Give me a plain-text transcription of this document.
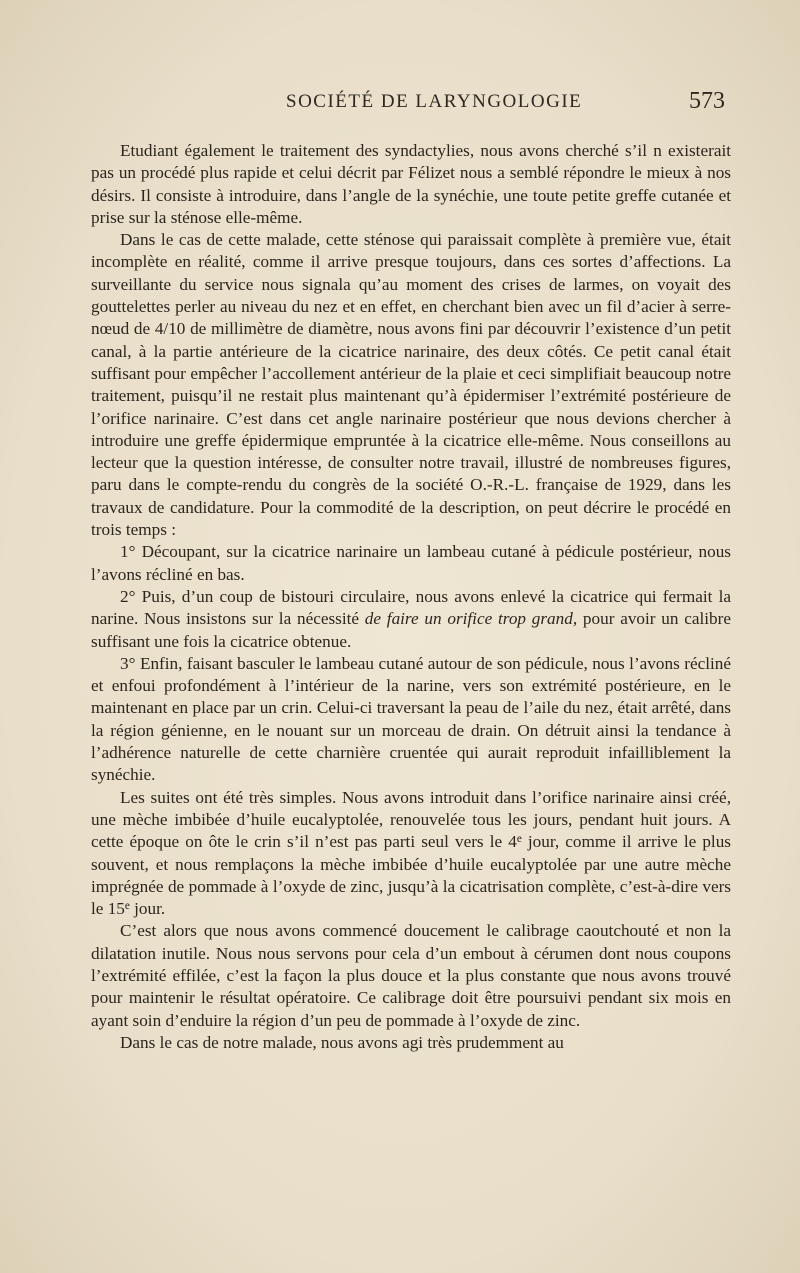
SOCIÉTÉ DE LARYNGOLOGIE	573

Etudiant également le traitement des syndactylies, nous avons cherché s’il n existerait pas un procédé plus rapide et celui décrit par Félizet nous a semblé répondre le mieux à nos désirs. Il consiste à introduire, dans l’angle de la synéchie, une toute petite greffe cutanée et prise sur la sténose elle-même.

Dans le cas de cette malade, cette sténose qui paraissait complète à première vue, était incomplète en réalité, comme il arrive presque toujours, dans ces sortes d’affections. La surveillante du service nous signala qu’au moment des crises de larmes, on voyait des gouttelettes perler au niveau du nez et en effet, en cherchant bien avec un fil d’acier à serre-nœud de 4/10 de millimètre de diamètre, nous avons fini par découvrir l’existence d’un petit canal, à la partie antérieure de la cicatrice narinaire, des deux côtés. Ce petit canal était suffisant pour empêcher l’accollement antérieur de la plaie et ceci simplifiait beaucoup notre traitement, puisqu’il ne restait plus maintenant qu’à épidermiser l’extrémité postérieure de l’orifice narinaire. C’est dans cet angle narinaire postérieur que nous devions chercher à introduire une greffe épidermique empruntée à la cicatrice elle-même. Nous conseillons au lecteur que la question intéresse, de consulter notre travail, illustré de nombreuses figures, paru dans le compte-rendu du congrès de la société O.-R.-L. française de 1929, dans les travaux de candidature. Pour la commodité de la description, on peut décrire le procédé en trois temps :

1° Découpant, sur la cicatrice narinaire un lambeau cutané à pédicule postérieur, nous l’avons récliné en bas.

2° Puis, d’un coup de bistouri circulaire, nous avons enlevé la cicatrice qui fermait la narine. Nous insistons sur la nécessité de faire un orifice trop grand, pour avoir un calibre suffisant une fois la cicatrice obtenue.

3° Enfin, faisant basculer le lambeau cutané autour de son pédicule, nous l’avons récliné et enfoui profondément à l’intérieur de la narine, vers son extrémité postérieure, en le maintenant en place par un crin. Celui-ci traversant la peau de l’aile du nez, était arrêté, dans la région génienne, en le nouant sur un morceau de drain. On détruit ainsi la tendance à l’adhérence naturelle de cette charnière cruentée qui aurait reproduit infailliblement la synéchie.

Les suites ont été très simples. Nous avons introduit dans l’orifice narinaire ainsi créé, une mèche imbibée d’huile eucalyptolée, renouvelée tous les jours, pendant huit jours. A cette époque on ôte le crin s’il n’est pas parti seul vers le 4e jour, comme il arrive le plus souvent, et nous remplaçons la mèche imbibée d’huile eucalyptolée par une autre mèche imprégnée de pommade à l’oxyde de zinc, jusqu’à la cicatrisation complète, c’est-à-dire vers le 15e jour.

C’est alors que nous avons commencé doucement le calibrage caoutchouté et non la dilatation inutile. Nous nous servons pour cela d’un embout à cérumen dont nous coupons l’extrémité effilée, c’est la façon la plus douce et la plus constante que nous avons trouvé pour maintenir le résultat opératoire. Ce calibrage doit être poursuivi pendant six mois en ayant soin d’enduire la région d’un peu de pommade à l’oxyde de zinc.

Dans le cas de notre malade, nous avons agi très prudemment au
